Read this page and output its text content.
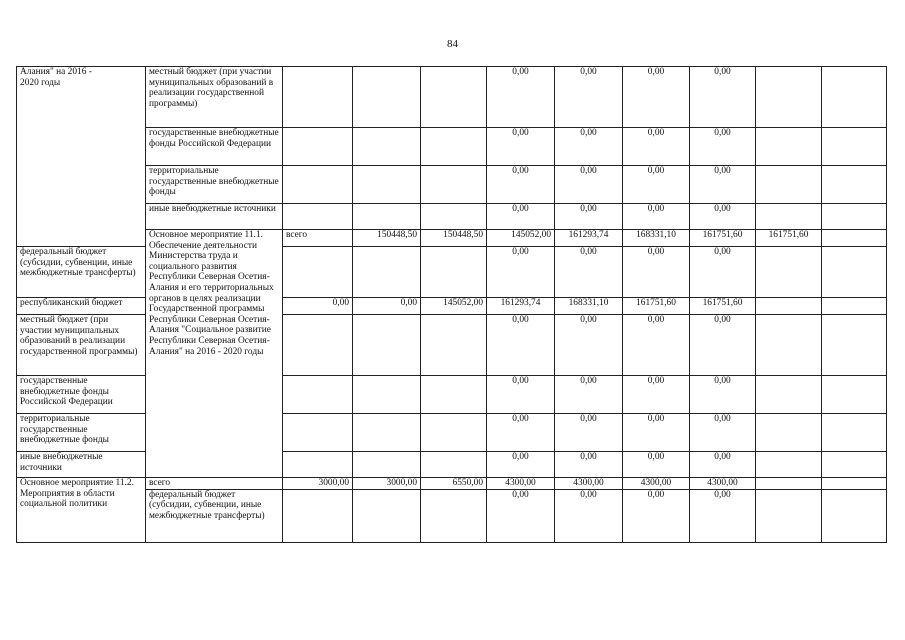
84
Алания" на 2016 -
2020 годы	местный бюджет (при участии муниципальных образований в реализации государственной программы)				0,00	0,00	0,00	0,00			
	государственные внебюджетные фонды Российской Федерации				0,00	0,00	0,00	0,00			
	территориальные государственные внебюджетные фонды				0,00	0,00	0,00	0,00			
	иные внебюджетные источники				0,00	0,00	0,00	0,00			
	Основное мероприятие 11.1. Обеспечение деятельности Министерства труда и социального развития Республики Северная Осетия-Алания и его территориальных органов в целях реализации Государственной программы Республики Северная Осетия-Алания "Социальное развитие Республики Северная Осетия-Алания" на 2016 - 2020 годы	всего	150448,50	150448,50	145052,00	161293,74	168331,10	161751,60	161751,60		
федеральный бюджет (субсидии, субвенции, иные межбюджетные трансферты)					0,00	0,00	0,00	0,00			
республиканский бюджет		0,00	0,00	145052,00	161293,74	168331,10	161751,60	161751,60			
местный бюджет (при участии муниципальных образований в реализации государственной программы)					0,00	0,00	0,00	0,00			
государственные внебюджетные фонды Российской Федерации					0,00	0,00	0,00	0,00			
территориальные государственные внебюджетные фонды					0,00	0,00	0,00	0,00			
иные внебюджетные источники					0,00	0,00	0,00	0,00			
Основное мероприятие 11.2. Мероприятия в области социальной политики	всего	3000,00	3000,00	6550,00	4300,00	4300,00	4300,00	4300,00			
	федеральный бюджет (субсидии, субвенции, иные межбюджетные трансферты)				0,00	0,00	0,00	0,00			
